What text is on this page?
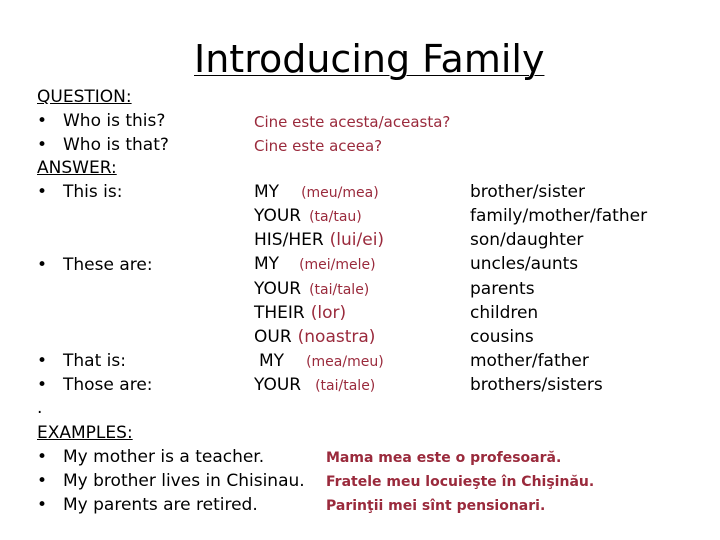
Introducing Family
QUESTION:
• Who is this?
• Who is that?
ANSWER:
• This is:
• These are:
• That is:
• Those are:
.
EXAMPLES:
• My mother is a teacher.
• My brother lives in Chisinau.
• My parents are retired.
Cine este acesta/aceasta?
Cine este aceea?
MY (meu/mea)
YOUR (ta/tau)
HIS/HER (lui/ei)
MY (mei/mele)
YOUR (tai/tale)
THEIR (lor)
OUR (noastra)
MY (mea/meu)
YOUR (tai/tale)
brother/sister
family/mother/father
son/daughter
uncles/aunts
parents
children
cousins
mother/father
brothers/sisters
Mama mea este o profesoară.
Fratele meu locuieşte în Chişinău.
Parinţii mei sînt pensionari.
